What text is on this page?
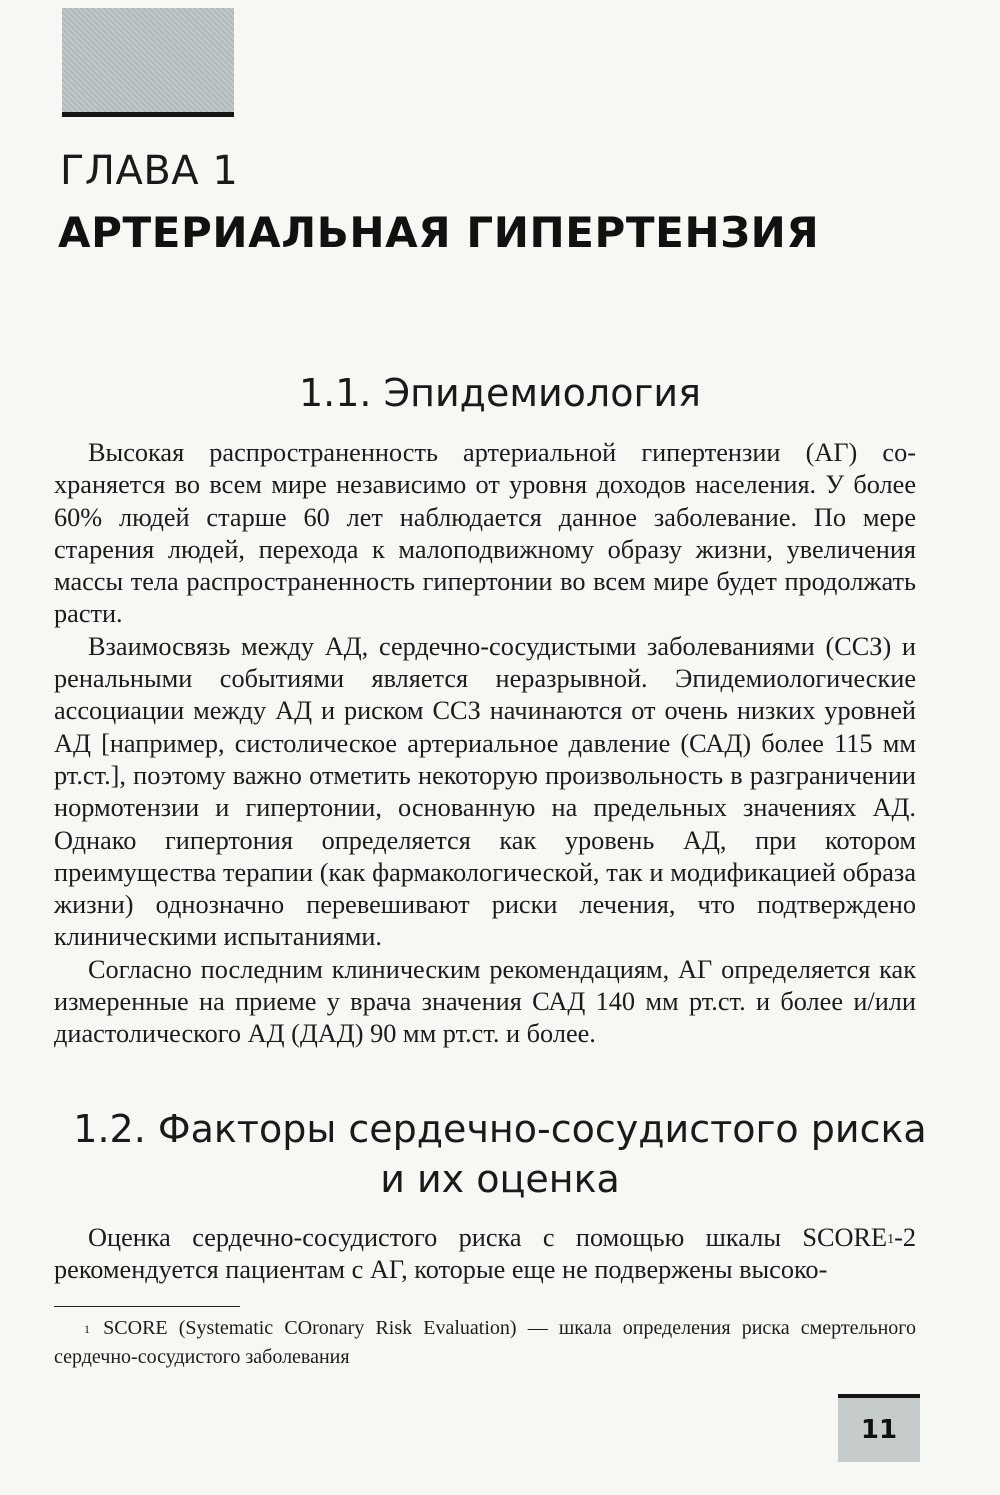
ГЛАВА 1
АРТЕРИАЛЬНАЯ ГИПЕРТЕНЗИЯ
1.1. Эпидемиология

Высокая распространенность артериальной гипертензии (АГ) сохраняется во всем мире независимо от уровня доходов населения. У более 60% людей старше 60 лет наблюдается данное заболевание. По мере старения людей, перехода к малоподвижному образу жизни, увеличения массы тела распространенность гипертонии во всем мире будет продолжать расти.

Взаимосвязь между АД, сердечно-сосудистыми заболеваниями (ССЗ) и ренальными событиями является неразрывной. Эпидемиологические ассоциации между АД и риском ССЗ начинаются от очень низких уровней АД [например, систолическое артериальное давление (САД) более 115 мм рт.ст.], поэтому важно отметить некоторую произвольность в разграничении нормотензии и гипертонии, основанную на предельных значениях АД. Однако гипертония определяется как уровень АД, при котором преимущества терапии (как фармакологической, так и модификацией образа жизни) однозначно перевешивают риски лечения, что подтверждено клиническими испытаниями.

Согласно последним клиническим рекомендациям, АГ определяется как измеренные на приеме у врача значения САД 140 мм рт.ст. и более и/или диастолического АД (ДАД) 90 мм рт.ст. и более.

1.2. Факторы сердечно-сосудистого риска
и их оценка

Оценка сердечно-сосудистого риска с помощью шкалы SCORE$^1$-2 рекомендуется пациентам с АГ, которые еще не подвержены высоко-

$^1$ SCORE (Systematic COronary Risk Evaluation) — шкала определения риска смертельного сердечно-сосудистого заболевания

11
